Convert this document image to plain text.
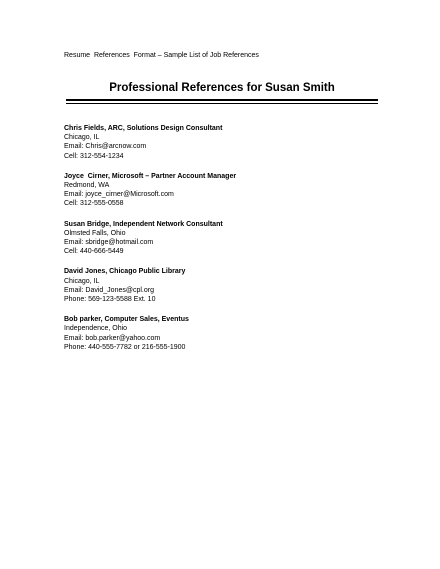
Resume  References  Format – Sample List of Job References
Professional References for Susan Smith
Chris Fields, ARC, Solutions Design Consultant
Chicago, IL
Email: Chris@arcnow.com
Cell: 312-554-1234
Joyce  Cirner, Microsoft – Partner Account Manager
Redmond, WA
Email: joyce_cirner@Microsoft.com
Cell: 312-555-0558
Susan Bridge, Independent Network Consultant
Olmsted Falls, Ohio
Email: sbridge@hotmail.com
Cell: 440-666-5449
David Jones, Chicago Public Library
Chicago, IL
Email: David_Jones@cpl.org
Phone: 569-123-5588 Ext. 10
Bob parker, Computer Sales, Eventus
Independence, Ohio
Email: bob.parker@yahoo.com
Phone: 440-555-7782 or 216-555-1900
